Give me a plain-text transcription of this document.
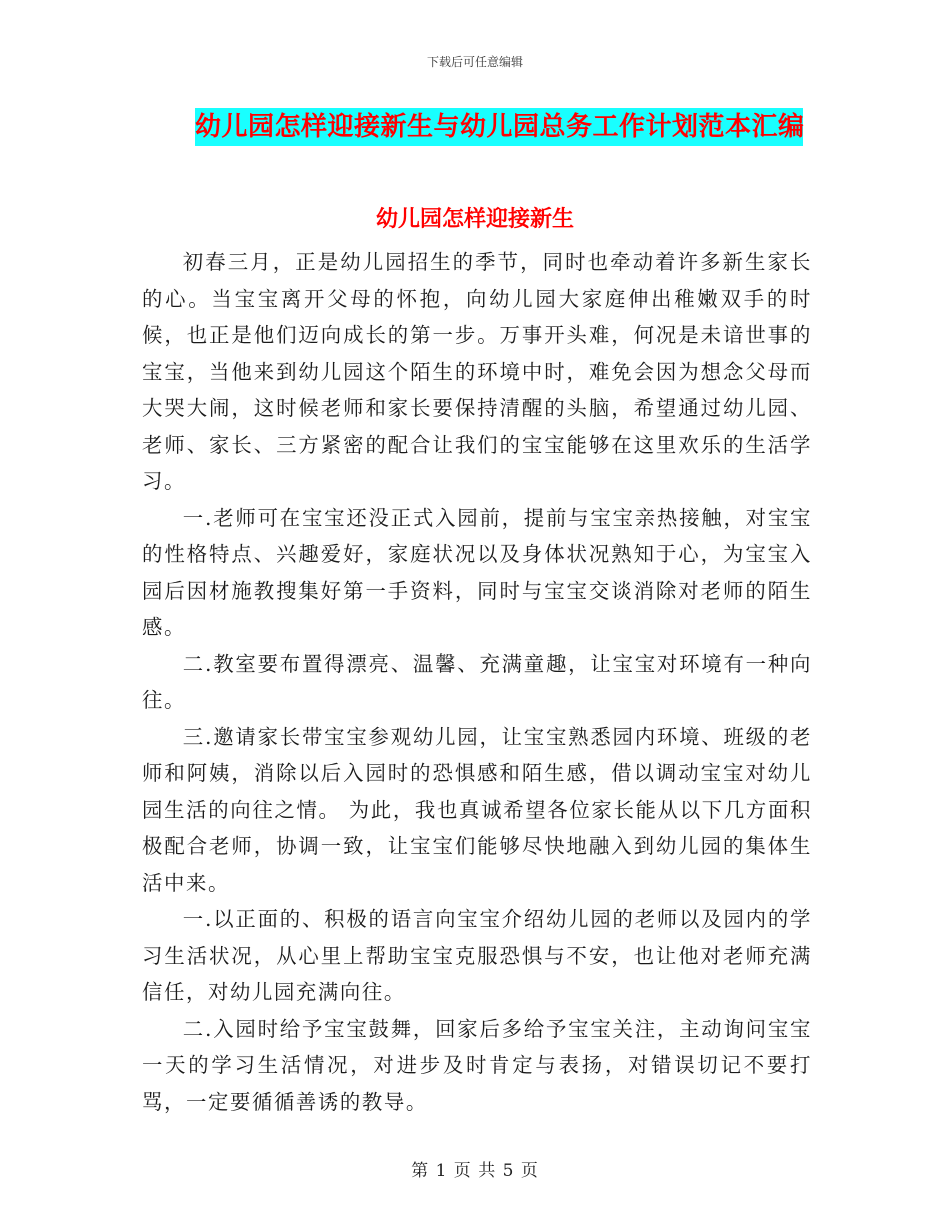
下载后可任意编辑
幼儿园怎样迎接新生与幼儿园总务工作计划范本汇编
幼儿园怎样迎接新生

初春三月，正是幼儿园招生的季节，同时也牵动着许多新生家长的心。当宝宝离开父母的怀抱，向幼儿园大家庭伸出稚嫩双手的时候，也正是他们迈向成长的第一步。万事开头难，何况是未谙世事的宝宝，当他来到幼儿园这个陌生的环境中时，难免会因为想念父母而大哭大闹，这时候老师和家长要保持清醒的头脑，希望通过幼儿园、老师、家长、三方紧密的配合让我们的宝宝能够在这里欢乐的生活学习。

一.老师可在宝宝还没正式入园前，提前与宝宝亲热接触，对宝宝的性格特点、兴趣爱好，家庭状况以及身体状况熟知于心，为宝宝入园后因材施教搜集好第一手资料，同时与宝宝交谈消除对老师的陌生感。

二.教室要布置得漂亮、温馨、充满童趣，让宝宝对环境有一种向往。

三.邀请家长带宝宝参观幼儿园，让宝宝熟悉园内环境、班级的老师和阿姨，消除以后入园时的恐惧感和陌生感，借以调动宝宝对幼儿园生活的向往之情。 为此，我也真诚希望各位家长能从以下几方面积极配合老师，协调一致，让宝宝们能够尽快地融入到幼儿园的集体生活中来。

一.以正面的、积极的语言向宝宝介绍幼儿园的老师以及园内的学习生活状况，从心里上帮助宝宝克服恐惧与不安，也让他对老师充满信任，对幼儿园充满向往。

二.入园时给予宝宝鼓舞，回家后多给予宝宝关注，主动询问宝宝一天的学习生活情况，对进步及时肯定与表扬，对错误切记不要打骂，一定要循循善诱的教导。

第 1 页 共 5 页
